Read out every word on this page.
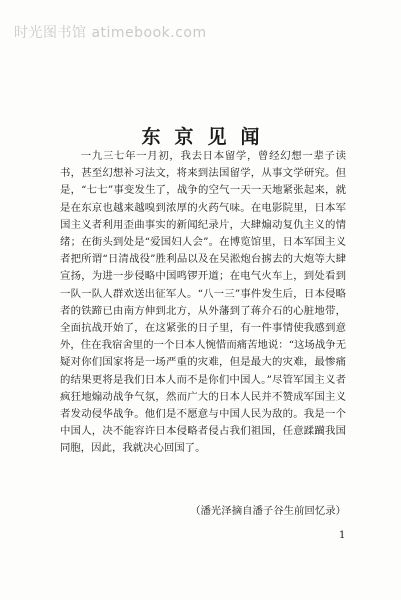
时光图书馆 atimebook.com
东京见闻

一九三七年一月初，我去日本留学，曾经幻想一辈子读书，甚至幻想补习法文，将来到法国留学，从事文学研究。但是，“七七”事变发生了，战争的空气一天一天地紧张起来，就是在东京也越来越嗅到浓厚的火药气味。在电影院里，日本军国主义者利用歪曲事实的新闻纪录片，大肆煽动复仇主义的情绪；在街头到处是“爱国妇人会”。在博览馆里，日本军国主义者把所谓“日清战役”胜利品以及在吴淞炮台掳去的大炮等大肆宣扬，为进一步侵略中国鸣锣开道；在电气火车上，到处看到一队一队人群欢送出征军人。“八一三”事件发生后，日本侵略者的铁蹄已由南方伸到北方，从外藩到了蒋介石的心脏地带，全面抗战开始了，在这紧张的日子里，有一件事情使我感到意外，住在我宿舍里的一个日本人惋惜而痛苦地说：“这场战争无疑对你们国家将是一场严重的灾难，但是最大的灾难，最惨痛的结果更将是我们日本人而不是你们中国人。”尽管军国主义者疯狂地煽动战争气氛，然而广大的日本人民并不赞成军国主义者发动侵华战争。他们是不愿意与中国人民为敌的。我是一个中国人，决不能容许日本侵略者侵占我们祖国，任意蹂躏我国同胞，因此，我就决心回国了。

（潘光泽摘自潘子谷生前回忆录）
1
